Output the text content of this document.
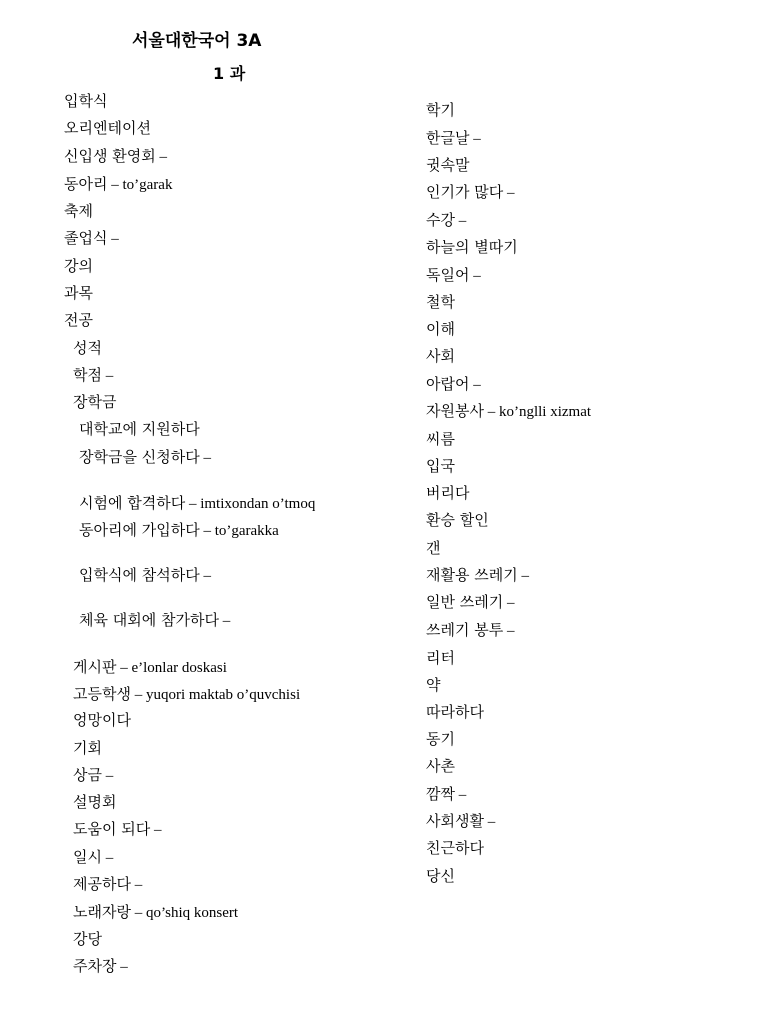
서울대한국어 3A
1 과
입학식
오리엔테이션
신입생 환영회 –
동아리 – to’garak
축제
졸업식 –
강의
과목
전공
성적
학점 –
장학금
대학교에 지원하다
장학금을 신청하다 –
시험에 합격하다 – imtixondan o’tmoq
동아리에 가입하다 – to’garakka
입학식에 참석하다 –
체육 대회에 참가하다 –
게시판 – e’lonlar doskasi
고등학생 – yuqori maktab o’quvchisi
엉망이다
기회
상금 –
설명회
도움이 되다 –
일시 –
제공하다 –
노래자랑 – qo’shiq konsert
강당
주차장 –
학기
한글날 –
귓속말
인기가 많다 –
수강 –
하늘의 별따기
독일어 –
철학
이해
사회
아랍어 –
자원봉사 – ko’nglli xizmat
씨름
입국
버리다
환승 할인
갠
재활용 쓰레기 –
일반 쓰레기 –
쓰레기 봉투 –
리터
약
따라하다
동기
사촌
깜짝 –
사회생활 –
친근하다
당신
